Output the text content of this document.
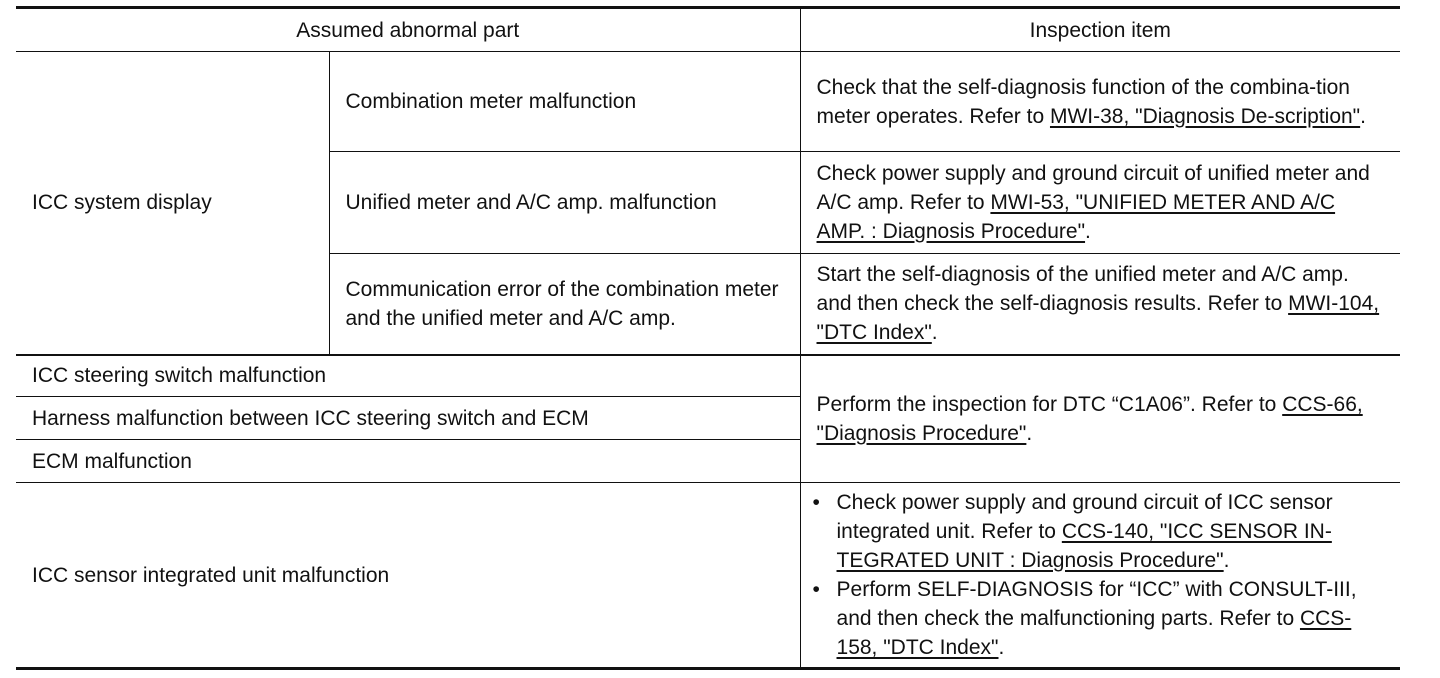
Assumed abnormal part		Inspection item
ICC system display	Combination meter malfunction	Check that the self-diagnosis function of the combina-tion meter operates. Refer to MWI-38, "Diagnosis De-scription".
	Unified meter and A/C amp. malfunction	Check power supply and ground circuit of unified meter and A/C amp. Refer to MWI-53, "UNIFIED METER AND A/C AMP. : Diagnosis Procedure".
	Communication error of the combination meter and the unified meter and A/C amp.	Start the self-diagnosis of the unified meter and A/C amp. and then check the self-diagnosis results. Refer to MWI-104, "DTC Index".
ICC steering switch malfunction		Perform the inspection for DTC “C1A06”. Refer to CCS-66, "Diagnosis Procedure".
Harness malfunction between ICC steering switch and ECM		
ECM malfunction		
ICC sensor integrated unit malfunction		• Check power supply and ground circuit of ICC sensor integrated unit. Refer to CCS-140, "ICC SENSOR IN-TEGRATED UNIT : Diagnosis Procedure".
• Perform SELF-DIAGNOSIS for “ICC” with CONSULT-III, and then check the malfunctioning parts. Refer to CCS-158, "DTC Index".
